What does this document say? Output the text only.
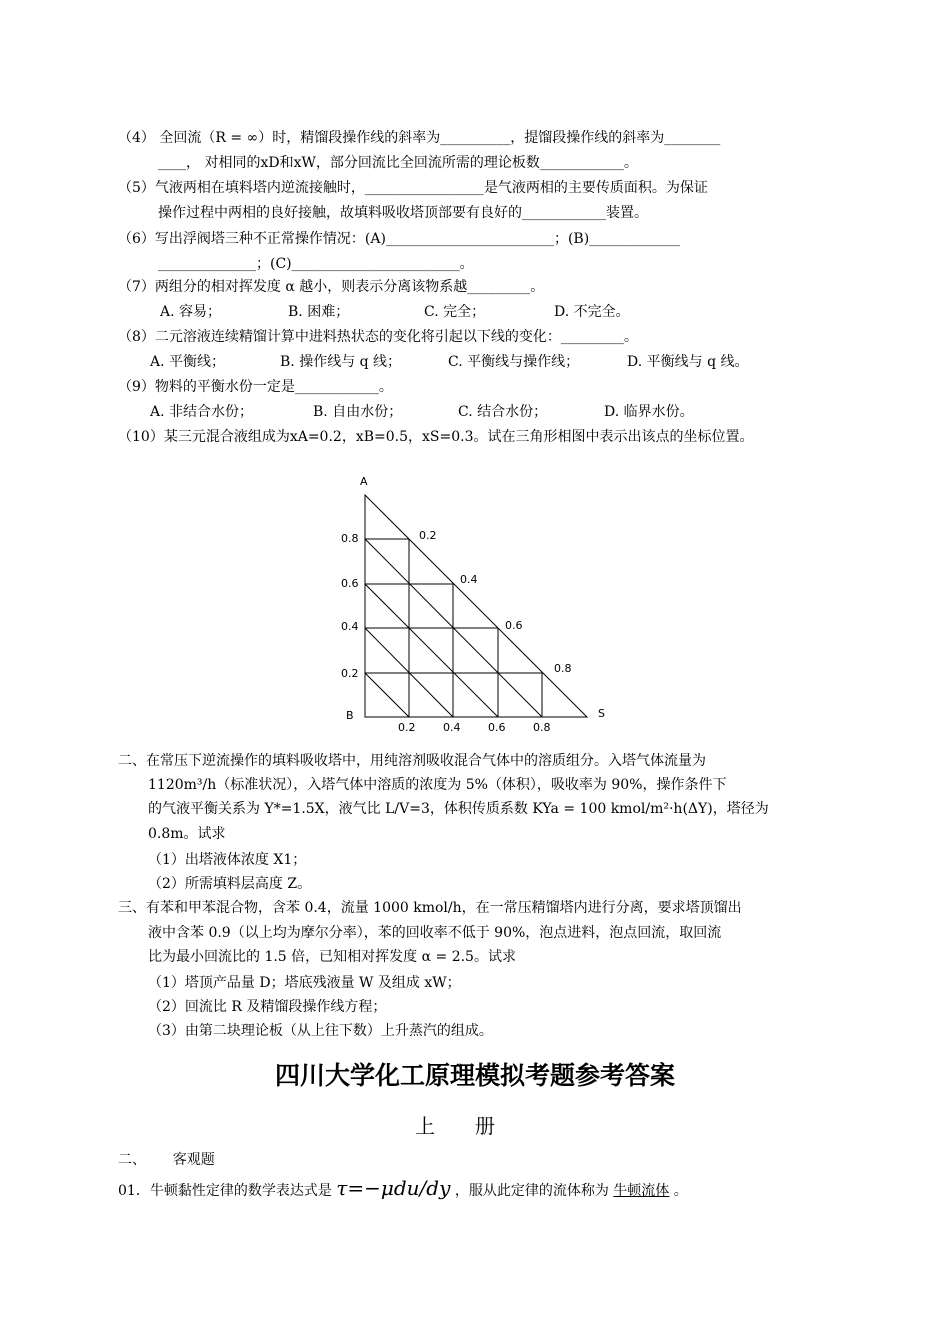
（4） 全回流（R = ∞）时，精馏段操作线的斜率为__________，提馏段操作线的斜率为________
____， 对相同的xD和xW，部分回流比全回流所需的理论板数____________。
（5）气液两相在填料塔内逆流接触时，_________________是气液两相的主要传质面积。为保证
操作过程中两相的良好接触，故填料吸收塔顶部要有良好的____________装置。
（6）写出浮阀塔三种不正常操作情况：(A)________________________；(B)_____________
______________；(C)________________________。
（7）两组分的相对挥发度 α 越小，则表示分离该物系越_________。
A. 容易；	B. 困难；	C. 完全；	D. 不完全。
（8）二元溶液连续精馏计算中进料热状态的变化将引起以下线的变化：_________。
A. 平衡线；	B. 操作线与 q 线；	C. 平衡线与操作线；	D. 平衡线与 q 线。
（9）物料的平衡水份一定是____________。
A. 非结合水份；	B. 自由水份；	C. 结合水份；	D. 临界水份。
（10）某三元混合液组成为xA=0.2，xB=0.5，xS=0.3。试在三角形相图中表示出该点的坐标位置。
A
B	S
0.8
0.6
0.4
0.2
0.2
0.4
0.6
0.8
0.2	0.4	0.6	0.8
二、在常压下逆流操作的填料吸收塔中，用纯溶剂吸收混合气体中的溶质组分。入塔气体流量为
1120m³/h（标准状况），入塔气体中溶质的浓度为 5%（体积），吸收率为 90%，操作条件下
的气液平衡关系为 Y*=1.5X，液气比 L/V=3，体积传质系数 KYa = 100 kmol/m²·h(ΔY)，塔径为
0.8m。试求
（1）出塔液体浓度 X1；
（2）所需填料层高度 Z。
三、有苯和甲苯混合物，含苯 0.4，流量 1000 kmol/h，在一常压精馏塔内进行分离，要求塔顶馏出
液中含苯 0.9（以上均为摩尔分率），苯的回收率不低于 90%，泡点进料，泡点回流，取回流
比为最小回流比的 1.5 倍，已知相对挥发度 α = 2.5。试求
（1）塔顶产品量 D；塔底残液量 W 及组成 xW；
（2）回流比 R 及精馏段操作线方程；
（3）由第二块理论板（从上往下数）上升蒸汽的组成。
四川大学化工原理模拟考题参考答案
上册
二、      客观题
01．牛顿黏性定律的数学表达式是 τ=−μdu/dy ，服从此定律的流体称为 牛顿流体 。
